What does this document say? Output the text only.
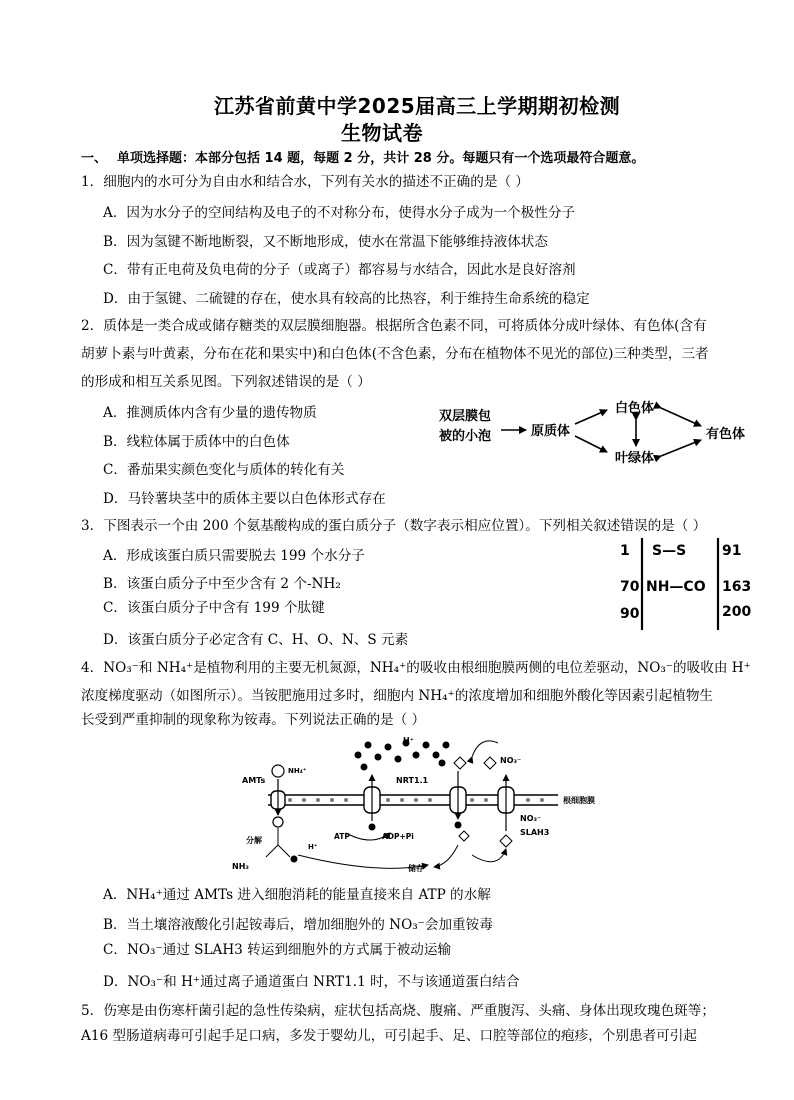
江苏省前黄中学2025届高三上学期期初检测
生物试卷
一、 单项选择题：本部分包括 14 题，每题 2 分，共计 28 分。每题只有一个选项最符合题意。
1．细胞内的水可分为自由水和结合水，下列有关水的描述不正确的是（ ）
A．因为水分子的空间结构及电子的不对称分布，使得水分子成为一个极性分子
B．因为氢键不断地断裂，又不断地形成，使水在常温下能够维持液体状态
C．带有正电荷及负电荷的分子（或离子）都容易与水结合，因此水是良好溶剂
D．由于氢键、二硫键的存在，使水具有较高的比热容，利于维持生命系统的稳定
2．质体是一类合成或储存糖类的双层膜细胞器。根据所含色素不同，可将质体分成叶绿体、有色体(含有
胡萝卜素与叶黄素，分布在花和果实中)和白色体(不含色素，分布在植物体不见光的部位)三种类型，三者
的形成和相互关系见图。下列叙述错误的是（ ）
A．推测质体内含有少量的遗传物质
B．线粒体属于质体中的白色体
C．番茄果实颜色变化与质体的转化有关
D．马铃薯块茎中的质体主要以白色体形式存在
双层膜包
被的小泡	原质体
白色体
叶绿体
有色体
3．下图表示一个由 200 个氨基酸构成的蛋白质分子（数字表示相应位置）。下列相关叙述错误的是（ ）
A．形成该蛋白质只需要脱去 199 个水分子
B．该蛋白质分子中至少含有 2 个-NH₂
C．该蛋白质分子中含有 199 个肽键
D．该蛋白质分子必定含有 C、H、O、N、S 元素
1 S—S	91
70 NH—CO 163
90	200
4．NO₃⁻和 NH₄⁺是植物利用的主要无机氮源，NH₄⁺的吸收由根细胞膜两侧的电位差驱动，NO₃⁻的吸收由 H⁺
浓度梯度驱动（如图所示）。当铵肥施用过多时，细胞内 NH₄⁺的浓度增加和细胞外酸化等因素引起植物生
长受到严重抑制的现象称为铵毒。下列说法正确的是（ ）
根细胞膜
AMTs
NH₄⁺
分解
NH₃
H⁺
H⁺
NRT1.1
ATP	ADP+Pi
储存
NO₃⁻
NO₃⁻
SLAH3
A．NH₄⁺通过 AMTs 进入细胞消耗的能量直接来自 ATP 的水解
B．当土壤溶液酸化引起铵毒后，增加细胞外的 NO₃⁻会加重铵毒
C．NO₃⁻通过 SLAH3 转运到细胞外的方式属于被动运输
D．NO₃⁻和 H⁺通过离子通道蛋白 NRT1.1 时，不与该通道蛋白结合
5．伤寒是由伤寒杆菌引起的急性传染病，症状包括高烧、腹痛、严重腹泻、头痛、身体出现玫瑰色斑等；
A16 型肠道病毒可引起手足口病，多发于婴幼儿，可引起手、足、口腔等部位的疱疹，个别患者可引起
